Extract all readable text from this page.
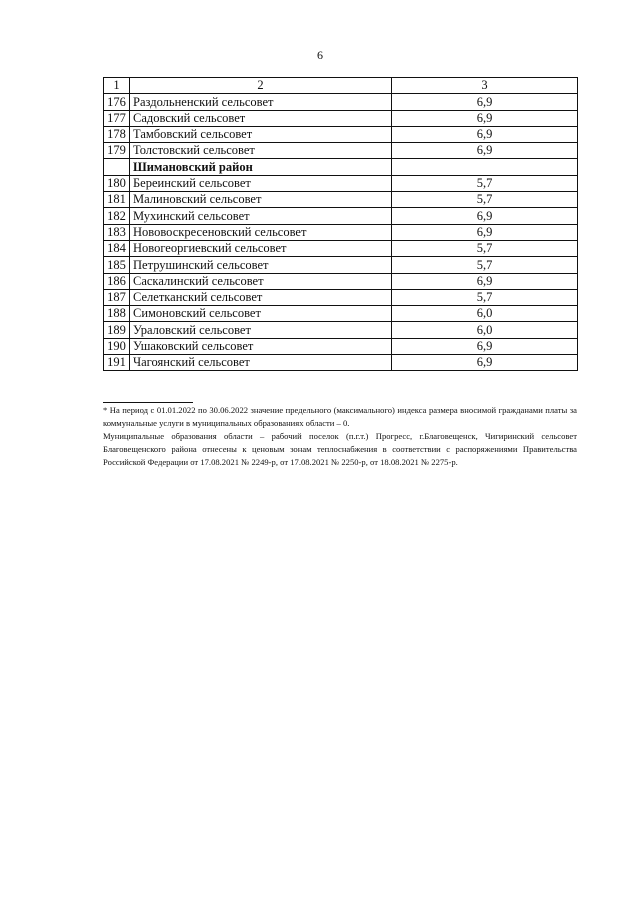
6
1	2	3
176	Раздольненский сельсовет	6,9
177	Садовский сельсовет	6,9
178	Тамбовский сельсовет	6,9
179	Толстовский сельсовет	6,9
	Шимановский район	
180	Береинский сельсовет	5,7
181	Малиновский сельсовет	5,7
182	Мухинский сельсовет	6,9
183	Нововоскресеновский сельсовет	6,9
184	Новогеоргиевский сельсовет	5,7
185	Петрушинский сельсовет	5,7
186	Саскалинский сельсовет	6,9
187	Селетканский сельсовет	5,7
188	Симоновский сельсовет	6,0
189	Ураловский сельсовет	6,0
190	Ушаковский сельсовет	6,9
191	Чагоянский сельсовет	6,9
* На период с 01.01.2022 по 30.06.2022 значение предельного (максимального) индекса размера вносимой гражданами платы за коммунальные услуги в муниципальных образованиях области – 0.
Муниципальные образования области – рабочий поселок (п.г.т.) Прогресс, г.Благовещенск, Чигиринский сельсовет Благовещенского района отнесены к ценовым зонам теплоснабжения в соответствии с распоряжениями Правительства Российской Федерации от 17.08.2021 № 2249-р, от 17.08.2021 № 2250-р, от 18.08.2021 № 2275-р.
